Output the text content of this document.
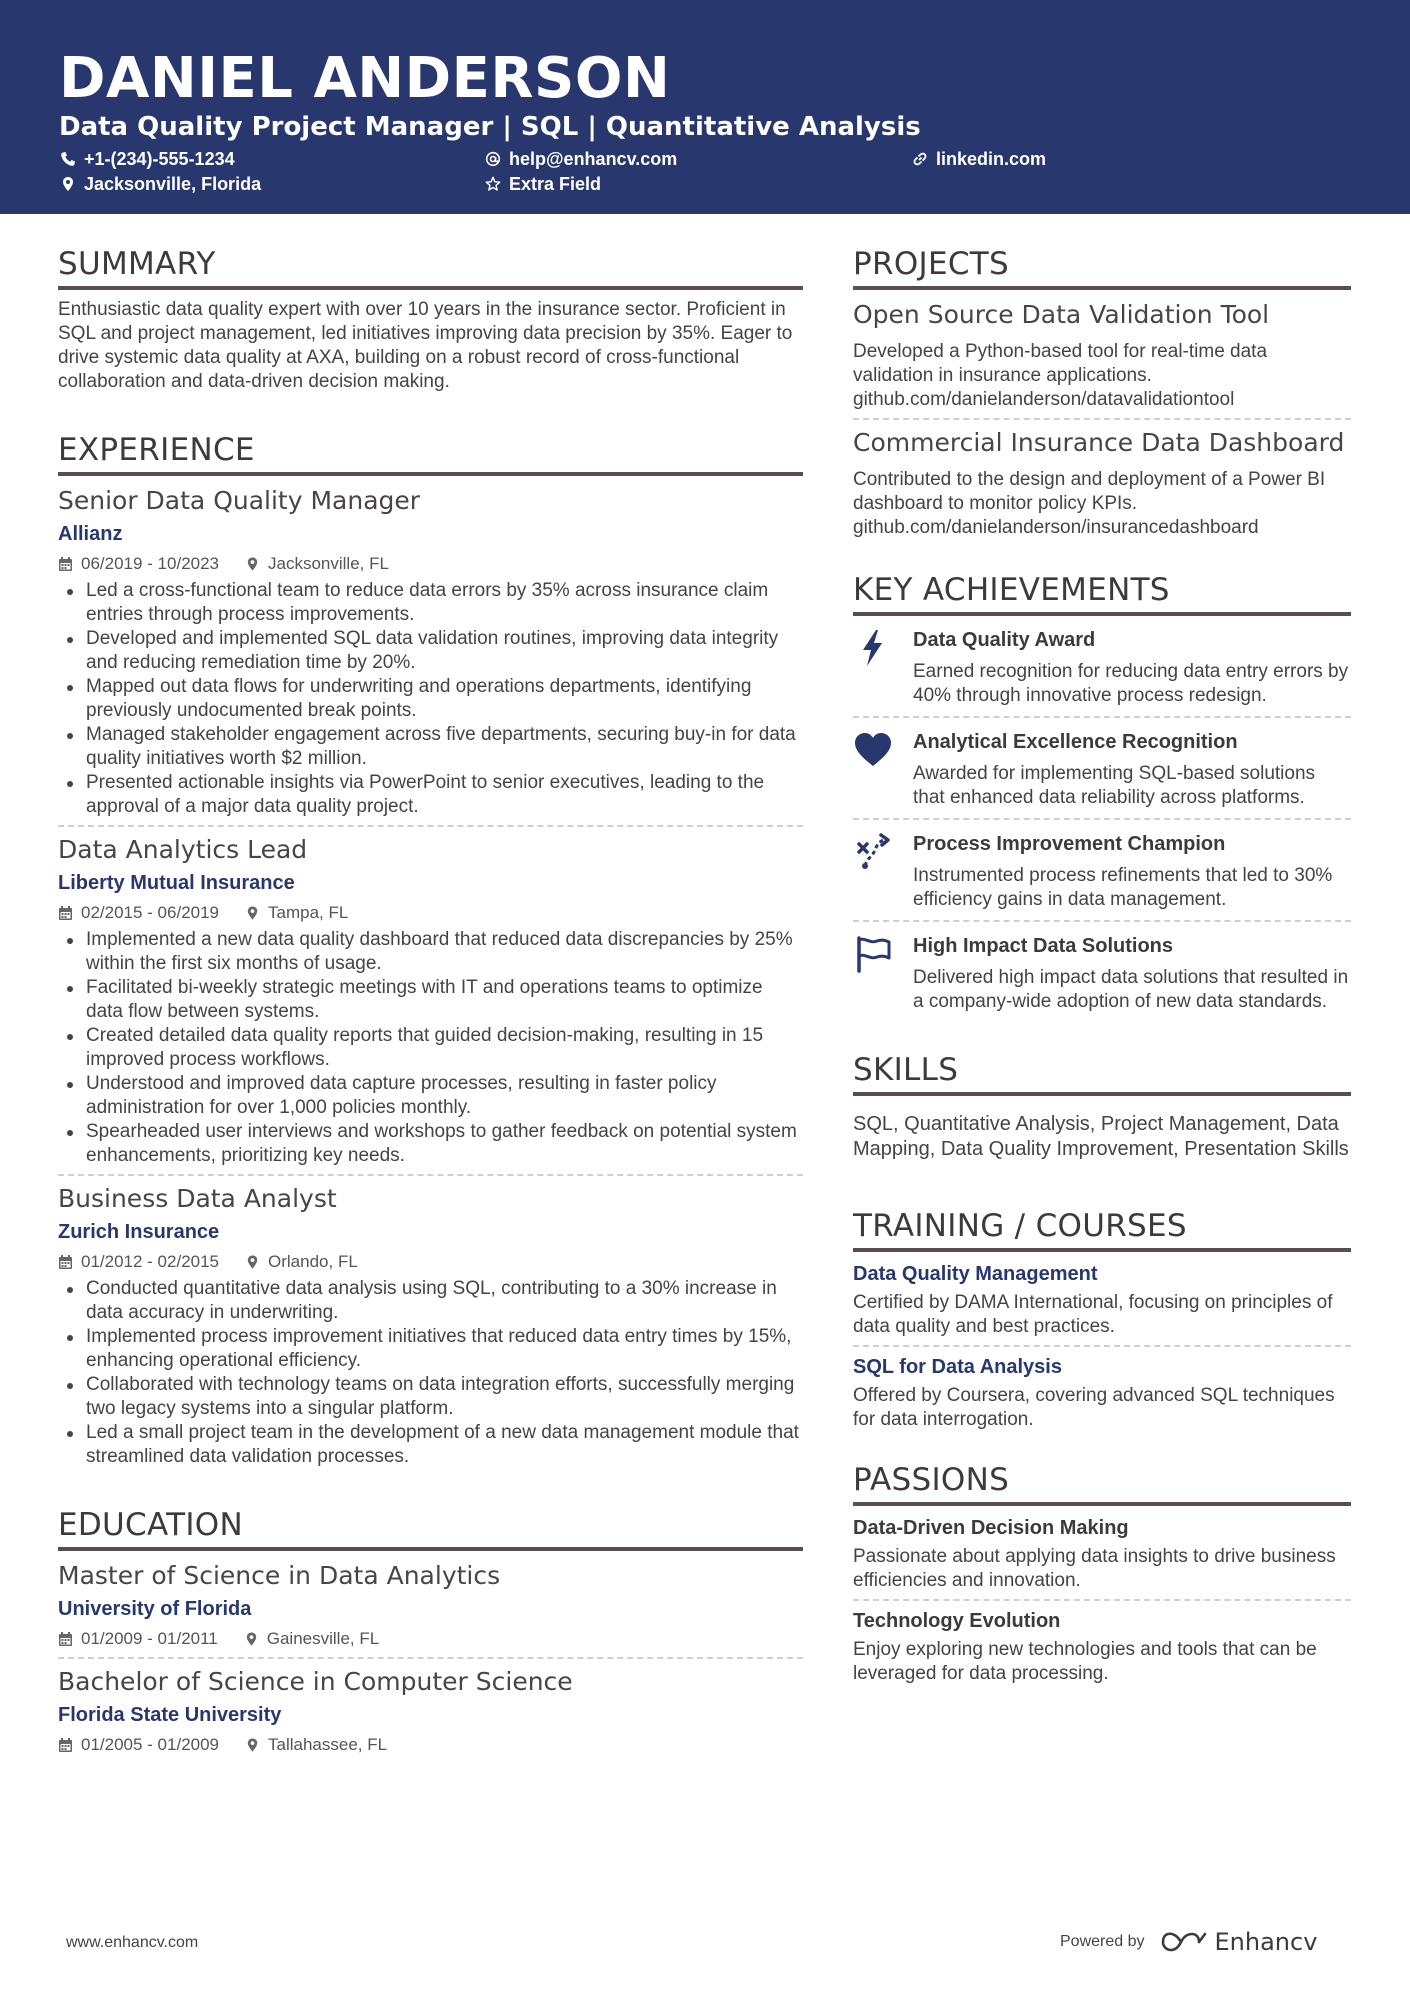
DANIEL ANDERSON
Data Quality Project Manager | SQL | Quantitative Analysis
+1-(234)-555-1234	help@enhancv.com	linkedin.com
Jacksonville, Florida	Extra Field
SUMMARY
Enthusiastic data quality expert with over 10 years in the insurance sector. Proficient in SQL and project management, led initiatives improving data precision by 35%. Eager to drive systemic data quality at AXA, building on a robust record of cross-functional collaboration and data-driven decision making.
EXPERIENCE
Senior Data Quality Manager
Allianz
06/2019 - 10/2023	Jacksonville, FL
Led a cross-functional team to reduce data errors by 35% across insurance claim entries through process improvements.
Developed and implemented SQL data validation routines, improving data integrity and reducing remediation time by 20%.
Mapped out data flows for underwriting and operations departments, identifying previously undocumented break points.
Managed stakeholder engagement across five departments, securing buy-in for data quality initiatives worth $2 million.
Presented actionable insights via PowerPoint to senior executives, leading to the approval of a major data quality project.
Data Analytics Lead
Liberty Mutual Insurance
02/2015 - 06/2019	Tampa, FL
Implemented a new data quality dashboard that reduced data discrepancies by 25% within the first six months of usage.
Facilitated bi-weekly strategic meetings with IT and operations teams to optimize data flow between systems.
Created detailed data quality reports that guided decision-making, resulting in 15 improved process workflows.
Understood and improved data capture processes, resulting in faster policy administration for over 1,000 policies monthly.
Spearheaded user interviews and workshops to gather feedback on potential system enhancements, prioritizing key needs.
Business Data Analyst
Zurich Insurance
01/2012 - 02/2015	Orlando, FL
Conducted quantitative data analysis using SQL, contributing to a 30% increase in data accuracy in underwriting.
Implemented process improvement initiatives that reduced data entry times by 15%, enhancing operational efficiency.
Collaborated with technology teams on data integration efforts, successfully merging two legacy systems into a singular platform.
Led a small project team in the development of a new data management module that streamlined data validation processes.
EDUCATION
Master of Science in Data Analytics
University of Florida
01/2009 - 01/2011	Gainesville, FL
Bachelor of Science in Computer Science
Florida State University
01/2005 - 01/2009	Tallahassee, FL
PROJECTS
Open Source Data Validation Tool
Developed a Python-based tool for real-time data validation in insurance applications.
github.com/danielanderson/datavalidationtool
Commercial Insurance Data Dashboard
Contributed to the design and deployment of a Power BI dashboard to monitor policy KPIs.
github.com/danielanderson/insurancedashboard
KEY ACHIEVEMENTS
Data Quality Award
Earned recognition for reducing data entry errors by 40% through innovative process redesign.
Analytical Excellence Recognition
Awarded for implementing SQL-based solutions that enhanced data reliability across platforms.
Process Improvement Champion
Instrumented process refinements that led to 30% efficiency gains in data management.
High Impact Data Solutions
Delivered high impact data solutions that resulted in a company-wide adoption of new data standards.
SKILLS
SQL, Quantitative Analysis, Project Management, Data Mapping, Data Quality Improvement, Presentation Skills
TRAINING / COURSES
Data Quality Management
Certified by DAMA International, focusing on principles of data quality and best practices.
SQL for Data Analysis
Offered by Coursera, covering advanced SQL techniques for data interrogation.
PASSIONS
Data-Driven Decision Making
Passionate about applying data insights to drive business efficiencies and innovation.
Technology Evolution
Enjoy exploring new technologies and tools that can be leveraged for data processing.
www.enhancv.com	Powered by	Enhancv
